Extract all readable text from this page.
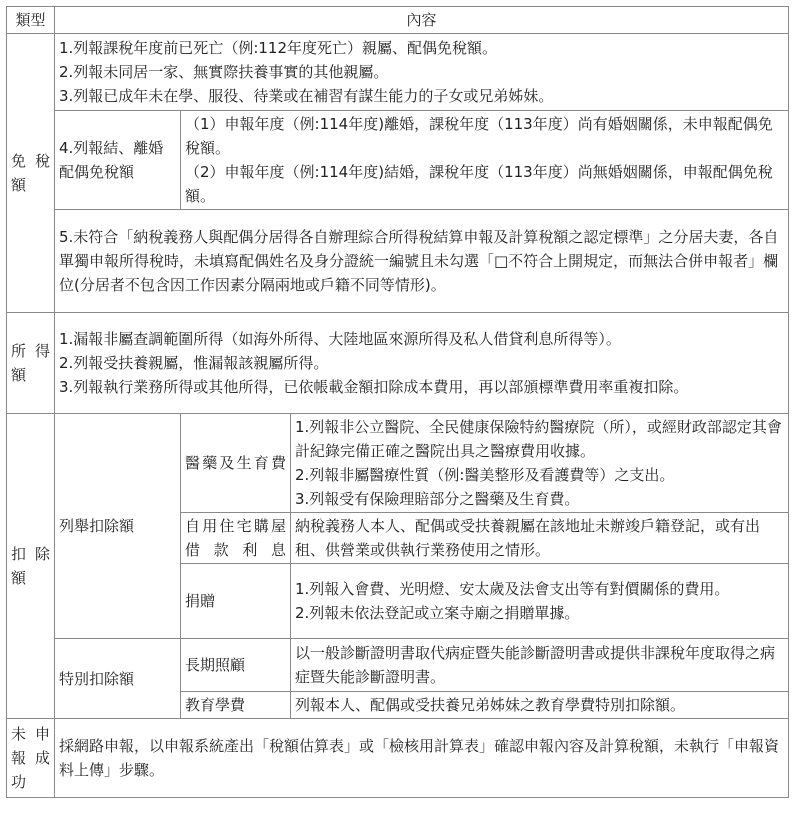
類型	內容		
免稅額	1.列報課稅年度前已死亡（例:112年度死亡）親屬、配偶免稅額。
2.列報未同居一家、無實際扶養事實的其他親屬。
3.列報已成年未在學、服役、待業或在補習有謀生能力的子女或兄弟姊妹。		

	4.列報結、離婚配偶免稅額	（1）申報年度（例:114年度)離婚，課稅年度（113年度）尚有婚姻關係，未申報配偶免稅額。
（2）申報年度（例:114年度)結婚，課稅年度（113年度）尚無婚姻關係，申報配偶免稅額。	

	5.未符合「納稅義務人與配偶分居得各自辦理綜合所得稅結算申報及計算稅額之認定標準」之分居夫妻，各自單獨申報所得稅時，未填寫配偶姓名及身分證統一編號且未勾選「□不符合上開規定，而無法合併申報者」欄位(分居者不包含因工作因素分隔兩地或戶籍不同等情形)。		
所得額	1.漏報非屬查調範圍所得（如海外所得、大陸地區來源所得及私人借貸利息所得等）。
2.列報受扶養親屬，惟漏報該親屬所得。
3.列報執行業務所得或其他所得，已依帳載金額扣除成本費用，再以部頒標準費用率重複扣除。		

扣除額	列舉扣除額	醫藥及生育費	1.列報非公立醫院、全民健康保險特約醫療院（所），或經財政部認定其會計紀錄完備正確之醫院出具之醫療費用收據。
2.列報非屬醫療性質（例:醫美整形及看護費等）之支出。
3.列報受有保險理賠部分之醫藥及生育費。

		自用住宅購屋借款利息	納稅義務人本人、配偶或受扶養親屬在該地址未辦竣戶籍登記，或有出租、供營業或供執行業務使用之情形。
		捐贈	1.列報入會費、光明燈、安太歲及法會支出等有對價關係的費用。
2.列報未依法登記或立案寺廟之捐贈單據。

	特別扣除額	長期照顧	以一般診斷證明書取代病症暨失能診斷證明書或提供非課稅年度取得之病症暨失能診斷證明書。
		教育學費	列報本人、配偶或受扶養兄弟姊妹之教育學費特別扣除額。
未申報成功	採網路申報，以申報系統產出「稅額估算表」或「檢核用計算表」確認申報內容及計算稅額，未執行「申報資料上傳」步驟。		
